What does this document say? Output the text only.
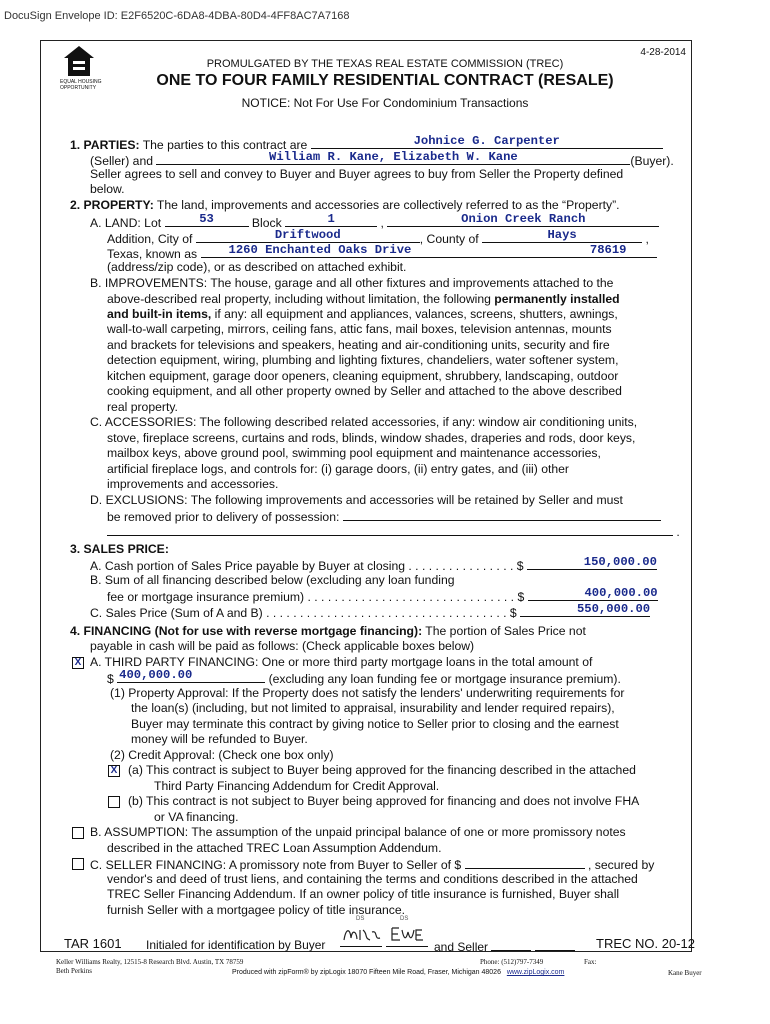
DocuSign Envelope ID: E2F6520C-6DA8-4DBA-80D4-4FF8AC7A7168
EQUAL HOUSING
OPPORTUNITY
4-28-2014
PROMULGATED BY THE TEXAS REAL ESTATE COMMISSION (TREC)
ONE TO FOUR FAMILY RESIDENTIAL CONTRACT (RESALE)
NOTICE: Not For Use For Condominium Transactions
1. PARTIES: The parties to this contract are	Johnice G. Carpenter
(Seller) and	William R. Kane, Elizabeth W. Kane	(Buyer).
Seller agrees to sell and convey to Buyer and Buyer agrees to buy from Seller the Property defined
below.
2. PROPERTY: The land, improvements and accessories are collectively referred to as the “Property”.
A. LAND: Lot	53	Block	1	,	Onion Creek Ranch
Addition, City of	Driftwood	, County of	Hays	,
Texas, known as	1260 Enchanted Oaks Drive	78619
(address/zip code), or as described on attached exhibit.
B. IMPROVEMENTS: The house, garage and all other fixtures and improvements attached to the
above-described real property, including without limitation, the following permanently installed
and built-in items, if any: all equipment and appliances, valances, screens, shutters, awnings,
wall-to-wall carpeting, mirrors, ceiling fans, attic fans, mail boxes, television antennas, mounts
and brackets for televisions and speakers, heating and air-conditioning units, security and fire
detection equipment, wiring, plumbing and lighting fixtures, chandeliers, water softener system,
kitchen equipment, garage door openers, cleaning equipment, shrubbery, landscaping, outdoor
cooking equipment, and all other property owned by Seller and attached to the above described
real property.
C. ACCESSORIES: The following described related accessories, if any: window air conditioning units,
stove, fireplace screens, curtains and rods, blinds, window shades, draperies and rods, door keys,
mailbox keys, above ground pool, swimming pool equipment and maintenance accessories,
artificial fireplace logs, and controls for: (i) garage doors, (ii) entry gates, and (iii) other
improvements and accessories.
D. EXCLUSIONS: The following improvements and accessories will be retained by Seller and must
be removed prior to delivery of possession:
.
3. SALES PRICE:
A. Cash portion of Sales Price payable by Buyer at closing . . . . . . . . . . . . . . . . $	150,000.00
B. Sum of all financing described below (excluding any loan funding
fee or mortgage insurance premium) . . . . . . . . . . . . . . . . . . . . . . . . . . . . . . . $	400,000.00
C. Sales Price (Sum of A and B) . . . . . . . . . . . . . . . . . . . . . . . . . . . . . . . . . . . . $	550,000.00
4. FINANCING (Not for use with reverse mortgage financing): The portion of Sales Price not
payable in cash will be paid as follows: (Check applicable boxes below)
X A. THIRD PARTY FINANCING: One or more third party mortgage loans in the total amount of
$ 400,000.00	(excluding any loan funding fee or mortgage insurance premium).
(1) Property Approval: If the Property does not satisfy the lenders' underwriting requirements for
the loan(s) (including, but not limited to appraisal, insurability and lender required repairs),
Buyer may terminate this contract by giving notice to Seller prior to closing and the earnest
money will be refunded to Buyer.
(2) Credit Approval: (Check one box only)
X (a) This contract is subject to Buyer being approved for the financing described in the attached
Third Party Financing Addendum for Credit Approval.
(b) This contract is not subject to Buyer being approved for financing and does not involve FHA
or VA financing.
B. ASSUMPTION: The assumption of the unpaid principal balance of one or more promissory notes
described in the attached TREC Loan Assumption Addendum.
C. SELLER FINANCING: A promissory note from Buyer to Seller of $	, secured by
vendor's and deed of trust liens, and containing the terms and conditions described in the attached
TREC Seller Financing Addendum. If an owner policy of title insurance is furnished, Buyer shall
furnish Seller with a mortgagee policy of title insurance.
TAR 1601 Initialed for identification by Buyer
DS	DS
and Seller	TREC NO. 20-12
Keller Williams Realty, 12515-8 Research Blvd. Austin, TX 78759
Beth Perkins
Phone: (512)797-7349	Fax:
Produced with zipForm® by zipLogix 18070 Fifteen Mile Road, Fraser, Michigan 48026 www.zipLogix.com	Kane Buyer
